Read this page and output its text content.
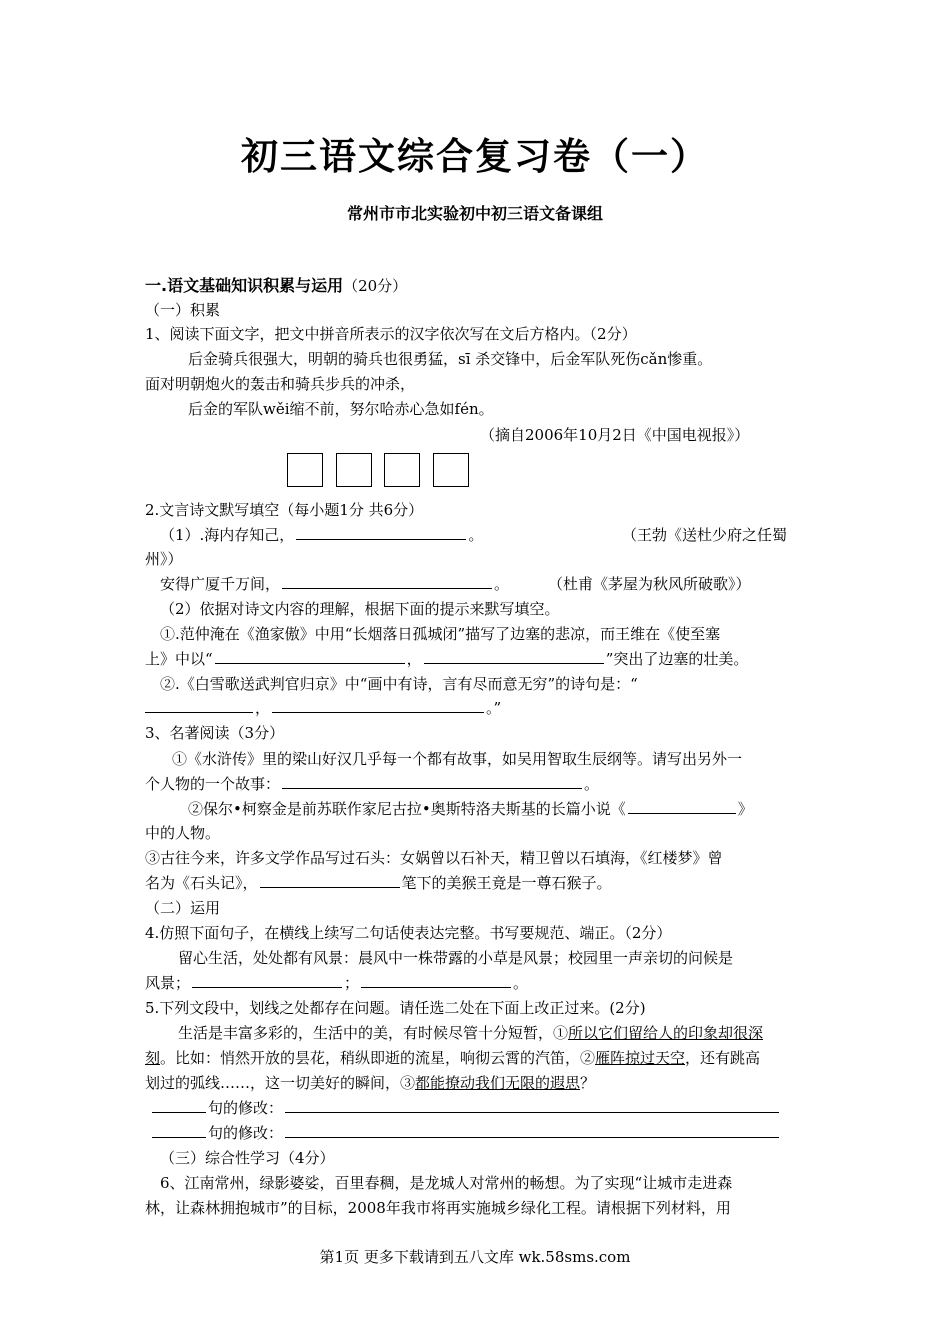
初三语文综合复习卷（一）
常州市市北实验初中初三语文备课组
一.语文基础知识积累与运用（20分）
（一）积累
1、阅读下面文字，把文中拼音所表示的汉字依次写在文后方格内。（2分）
后金骑兵很强大，明朝的骑兵也很勇猛，sī 杀交锋中，后金军队死伤cǎn惨重。
面对明朝炮火的轰击和骑兵步兵的冲杀，
后金的军队wěi缩不前，努尔哈赤心急如fén。
（摘自2006年10月2日《中国电视报》）
2.文言诗文默写填空（每小题1分 共6分）
（1）.海内存知己，	。	（王勃《送杜少府之任蜀
州》）
安得广厦千万间，	。	（杜甫《茅屋为秋风所破歌》）
（2）依据对诗文内容的理解，根据下面的提示来默写填空。
①.范仲淹在《渔家傲》中用“长烟落日孤城闭”描写了边塞的悲凉，而王维在《使至塞
上》中以“	，	”突出了边塞的壮美。
②.《白雪歌送武判官归京》中“画中有诗，言有尽而意无穷”的诗句是：“
，	。”
3、名著阅读（3分）
①《水浒传》里的梁山好汉几乎每一个都有故事，如吴用智取生辰纲等。请写出另外一
个人物的一个故事：	。
②保尔•柯察金是前苏联作家尼古拉•奥斯特洛夫斯基的长篇小说《	》
中的人物。
③古往今来，许多文学作品写过石头：女娲曾以石补天，精卫曾以石填海，《红楼梦》曾
名为《石头记》，	笔下的美猴王竟是一尊石猴子。
（二）运用
4.仿照下面句子，在横线上续写二句话使表达完整。书写要规范、端正。（2分）
留心生活，处处都有风景：晨风中一株带露的小草是风景；校园里一声亲切的问候是
风景；	；	。
5.下列文段中，划线之处都存在问题。请任选二处在下面上改正过来。(2分)
生活是丰富多彩的，生活中的美，有时候尽管十分短暂，①所以它们留给人的印象却很深
刻。比如：悄然开放的昙花，稍纵即逝的流星，响彻云霄的汽笛，②雁阵掠过天空，还有跳高
划过的弧线……，这一切美好的瞬间，③都能撩动我们无限的遐思？
句的修改：
句的修改：
（三）综合性学习（4分）
6、江南常州，绿影婆娑，百里春稠，是龙城人对常州的畅想。为了实现“让城市走进森
林，让森林拥抱城市”的目标，2008年我市将再实施城乡绿化工程。请根据下列材料，用
第1页 更多下载请到五八文库 wk.58sms.com
